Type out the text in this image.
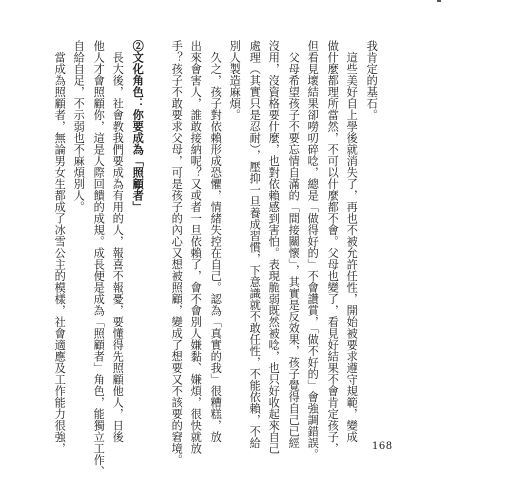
我肯定的基石。
　這些美好自上學後就消失了，再也不被允許任性，開始被要求遵守規範，變成
做什麼都理所當然，不可以什麼都不會。父母也變了，看見好結果不會肯定孩子，
但看見壞結果卻嘮叨碎唸，總是「做得好的」不會讚賞，「做不好的」會強調錯誤。
　父母希望孩子不要忘情自滿的「間接關懷」，其實是反效果，孩子覺得自己已經
沒用，沒資格要什麼，也對依賴感到害怕。表現脆弱既然被唸，也只好收起來自己
處理（其實只是忍耐），壓抑一旦養成習慣，下意識就不敢任性，不能依賴，不給
別人製造麻煩。
　久之，孩子對依賴形成恐懼，情緒失控在自己。認為「真實的我」很糟糕，放
出來會害人，誰敢接納呢？又或者一旦依賴了，會不會別人嫌黏、嫌煩，很快就放
手？孩子不敢要求父母，可是孩子的內心又想被照顧，變成了想要又不該要的窘境。
②文化角色：你要成為「照顧者」
　長大後，社會教我們要成為有用的人，報喜不報憂，要懂得先照顧他人，日後
他人才會照顧你，這是人際回饋的成規。成長便是成為「照顧者」角色，能獨立工作、
自給自足，不示弱也不麻煩別人。
　當成為照顧者，無論男女生都成了冰雪公主的模樣，社會適應及工作能力很強，	168
